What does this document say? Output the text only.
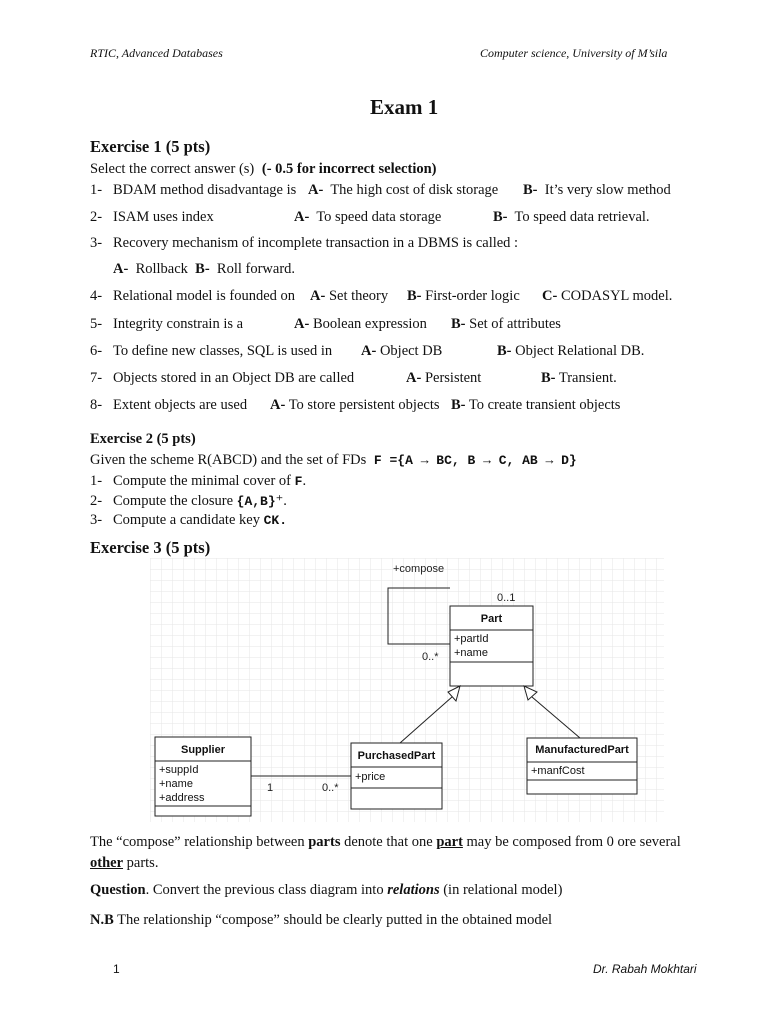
RTIC, Advanced Databases	Computer science, University of M’sila
Exam 1
Exercise 1 (5 pts)
Select the correct answer (s) (- 0.5 for incorrect selection)
1- BDAM method disadvantage is A- The high cost of disk storage B- It’s very slow method
2- ISAM uses index	A- To speed data storage	B- To speed data retrieval.
3- Recovery mechanism of incomplete transaction in a DBMS is called :
A- Rollback B- Roll forward.
4- Relational model is founded on A- Set theory B- First-order logic C- CODASYL model.
5- Integrity constrain is a	A- Boolean expression B- Set of attributes
6- To define new classes, SQL is used in A- Object DB	B- Object Relational DB.
7- Objects stored in an Object DB are called	A- Persistent	B- Transient.
8- Extent objects are used A- To store persistent objects B- To create transient objects
Exercise 2 (5 pts)
Given the scheme R(ABCD) and the set of FDs F ={A → BC, B → C, AB → D}
1- Compute the minimal cover of F.
2- Compute the closure {A,B}⁺.
3- Compute a candidate key CK.
Exercise 3 (5 pts)
+compose
0..1
0..*
Part
+partId
+name
Supplier
+suppId
+name
+address
1	0..*
PurchasedPart
+price
ManufacturedPart
+manfCost
The “compose” relationship between parts denote that one part may be composed from 0 ore several
other parts.
Question. Convert the previous class diagram into relations (in relational model)
N.B The relationship “compose” should be clearly putted in the obtained model
1	Dr. Rabah Mokhtari
